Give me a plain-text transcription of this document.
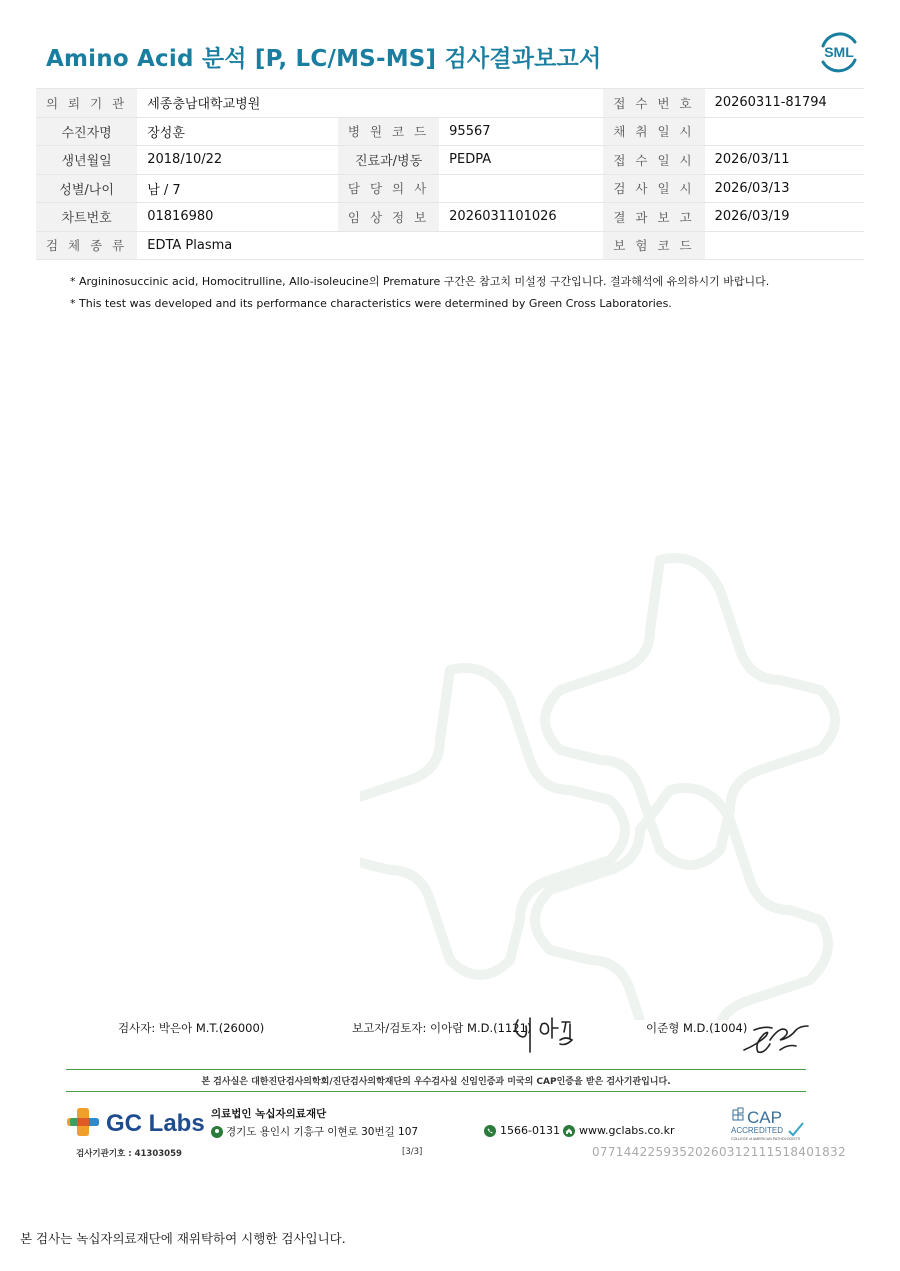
Amino Acid 분석 [P, LC/MS-MS] 검사결과보고서	SML
의 뢰 기 관	세종충남대학교병원			접 수 번 호	20260311-81794
수진자명	장성훈	병 원 코 드	95567	채 취 일 시	
생년월일	2018/10/22	진료과/병동	PEDPA	접 수 일 시	2026/03/11
성별/나이	남 / 7	담 당 의 사		검 사 일 시	2026/03/13
차트번호	01816980	임 상 정 보	2026031101026	결 과 보 고	2026/03/19
검 체 종 류	EDTA Plasma			보 험 코 드	
* Argininosuccinic acid, Homocitrulline, Allo-isoleucine의 Premature 구간은 참고치 미설정 구간입니다. 결과해석에 유의하시기 바랍니다.
* This test was developed and its performance characteristics were determined by Green Cross Laboratories.
검사자: 박은아 M.T.(26000)	보고자/검토자: 이아람 M.D.(1121)	이준형 M.D.(1004)
본 검사실은 대한진단검사의학회/진단검사의학재단의 우수검사실 신임인증과 미국의 CAP인증을 받은 검사기관입니다.
GC Labs 의료법인 녹십자의료재단
경기도 용인시 기흥구 이현로 30번길 107	1566-0131 www.gclabs.co.kr
CAP
ACCREDITED
COLLEGE of AMERICAN PATHOLOGISTS
검사기관기호 : 41303059	[3/3]	07714422593520260312111518401832
본 검사는 녹십자의료재단에 재위탁하여 시행한 검사입니다.
